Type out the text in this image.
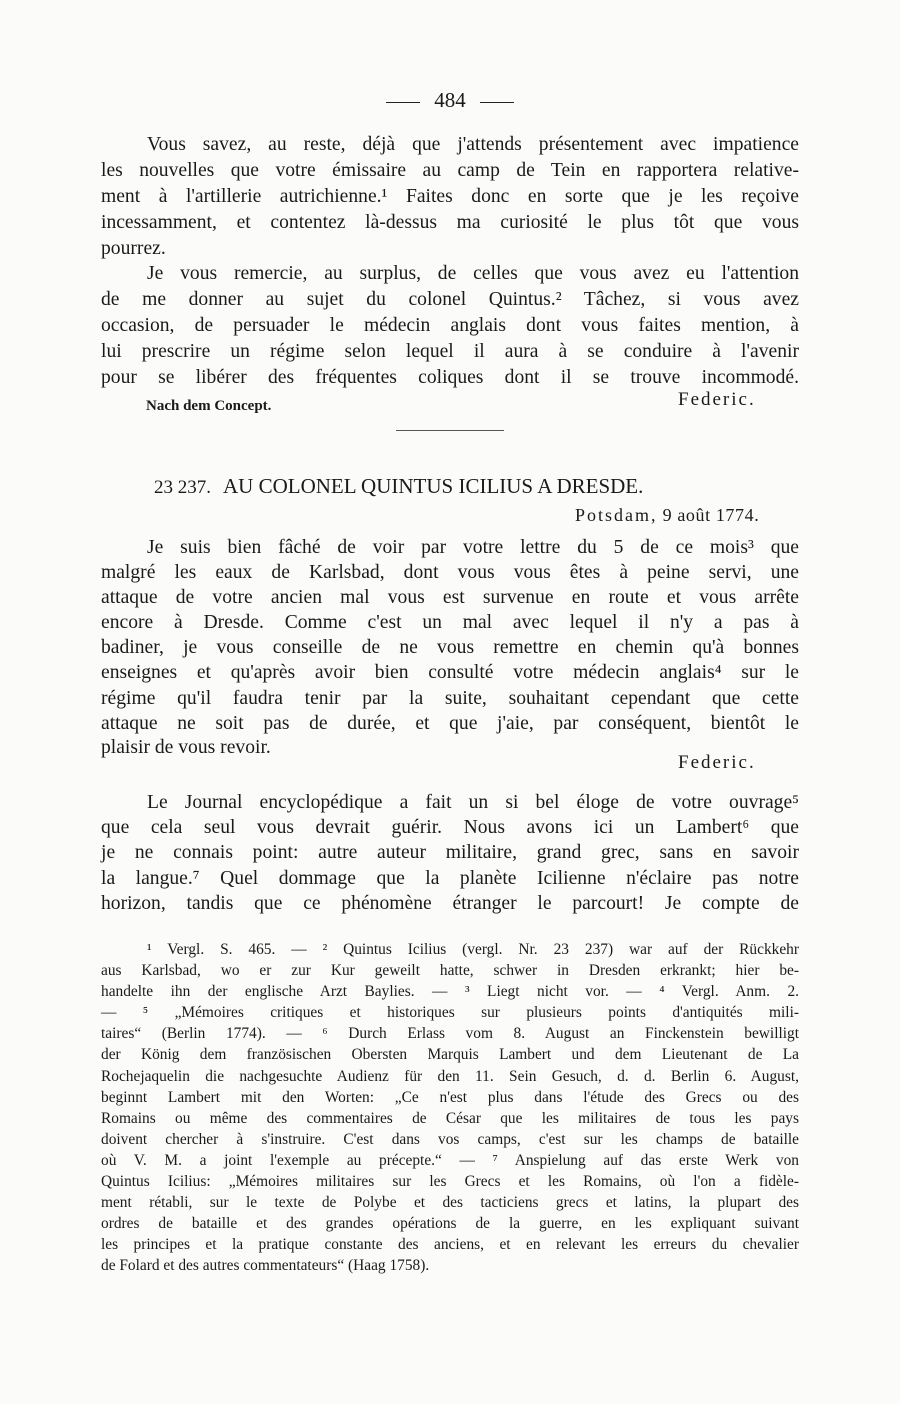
484
Vous savez, au reste, déjà que j'attends présentement avec impatience
les nouvelles que votre émissaire au camp de Tein en rapportera relative-
ment à l'artillerie autrichienne.¹ Faites donc en sorte que je les reçoive
incessamment, et contentez là-dessus ma curiosité le plus tôt que vous
pourrez.
Je vous remercie, au surplus, de celles que vous avez eu l'attention
de me donner au sujet du colonel Quintus.² Tâchez, si vous avez
occasion, de persuader le médecin anglais dont vous faites mention, à
lui prescrire un régime selon lequel il aura à se conduire à l'avenir
pour se libérer des fréquentes coliques dont il se trouve incommodé.
Nach dem Concept.	Federic.
23 237. AU COLONEL QUINTUS ICILIUS A DRESDE.
Potsdam, 9 août 1774.
Je suis bien fâché de voir par votre lettre du 5 de ce mois³ que
malgré les eaux de Karlsbad, dont vous vous êtes à peine servi, une
attaque de votre ancien mal vous est survenue en route et vous arrête
encore à Dresde. Comme c'est un mal avec lequel il n'y a pas à
badiner, je vous conseille de ne vous remettre en chemin qu'à bonnes
enseignes et qu'après avoir bien consulté votre médecin anglais⁴ sur le
régime qu'il faudra tenir par la suite, souhaitant cependant que cette
attaque ne soit pas de durée, et que j'aie, par conséquent, bientôt le
plaisir de vous revoir.
Federic.
Le Journal encyclopédique a fait un si bel éloge de votre ouvrage⁵
que cela seul vous devrait guérir. Nous avons ici un Lambert⁶ que
je ne connais point: autre auteur militaire, grand grec, sans en savoir
la langue.⁷ Quel dommage que la planète Icilienne n'éclaire pas notre
horizon, tandis que ce phénomène étranger le parcourt! Je compte de
¹ Vergl. S. 465. — ² Quintus Icilius (vergl. Nr. 23 237) war auf der Rückkehr
aus Karlsbad, wo er zur Kur geweilt hatte, schwer in Dresden erkrankt; hier be-
handelte ihn der englische Arzt Baylies. — ³ Liegt nicht vor. — ⁴ Vergl. Anm. 2.
— ⁵ „Mémoires critiques et historiques sur plusieurs points d'antiquités mili-
taires“ (Berlin 1774). — ⁶ Durch Erlass vom 8. August an Finckenstein bewilligt
der König dem französischen Obersten Marquis Lambert und dem Lieutenant de La
Rochejaquelin die nachgesuchte Audienz für den 11. Sein Gesuch, d. d. Berlin 6. August,
beginnt Lambert mit den Worten: „Ce n'est plus dans l'étude des Grecs ou des
Romains ou même des commentaires de César que les militaires de tous les pays
doivent chercher à s'instruire. C'est dans vos camps, c'est sur les champs de bataille
où V. M. a joint l'exemple au précepte.“ — ⁷ Anspielung auf das erste Werk von
Quintus Icilius: „Mémoires militaires sur les Grecs et les Romains, où l'on a fidèle-
ment rétabli, sur le texte de Polybe et des tacticiens grecs et latins, la plupart des
ordres de bataille et des grandes opérations de la guerre, en les expliquant suivant
les principes et la pratique constante des anciens, et en relevant les erreurs du chevalier
de Folard et des autres commentateurs“ (Haag 1758).
